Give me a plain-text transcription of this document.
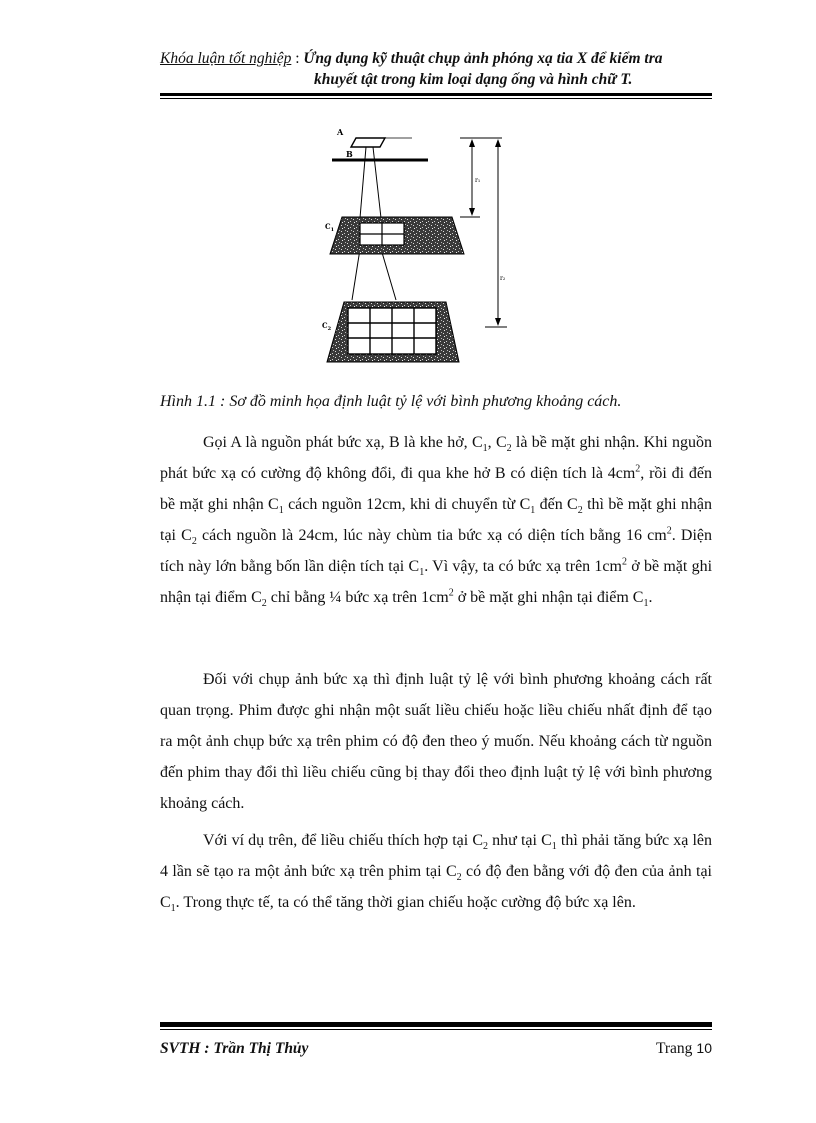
Khóa luận tốt nghiệp : Ứng dụng kỹ thuật chụp ảnh phóng xạ tia X để kiểm tra
khuyết tật trong kim loại dạng ống và hình chữ T.
A
B
$C_1$
$C_2$
r₁
r₂
Hình 1.1 : Sơ đồ minh họa định luật tỷ lệ với bình phương khoảng cách.

Gọi A là nguồn phát bức xạ, B là khe hở, $C_1$, $C_2$ là bề mặt ghi nhận. Khi nguồn phát bức xạ có cường độ không đổi, đi qua khe hở B có diện tích là $4cm^2$, rồi đi đến bề mặt ghi nhận $C_1$ cách nguồn 12cm, khi di chuyển từ $C_1$ đến $C_2$ thì bề mặt ghi nhận tại $C_2$ cách nguồn là 24cm, lúc này chùm tia bức xạ có diện tích bằng 16 $cm^2$. Diện tích này lớn bằng bốn lần diện tích tại $C_1$. Vì vậy, ta có bức xạ trên $1cm^2$ ở bề mặt ghi nhận tại điểm $C_2$ chỉ bằng ¼ bức xạ trên $1cm^2$ ở bề mặt ghi nhận tại điểm $C_1$.

Đối với chụp ảnh bức xạ thì định luật tỷ lệ với bình phương khoảng cách rất quan trọng. Phim được ghi nhận một suất liều chiếu hoặc liều chiếu nhất định để tạo ra một ảnh chụp bức xạ trên phim có độ đen theo ý muốn. Nếu khoảng cách từ nguồn đến phim thay đổi thì liều chiếu cũng bị thay đổi theo định luật tỷ lệ với bình phương khoảng cách.

Với ví dụ trên, để liều chiếu thích hợp tại $C_2$ như tại $C_1$ thì phải tăng bức xạ lên 4 lần sẽ tạo ra một ảnh bức xạ trên phim tại $C_2$ có độ đen bằng với độ đen của ảnh tại $C_1$. Trong thực tế, ta có thể tăng thời gian chiếu hoặc cường độ bức xạ lên.

SVTH : Trần Thị Thủy	Trang 10
